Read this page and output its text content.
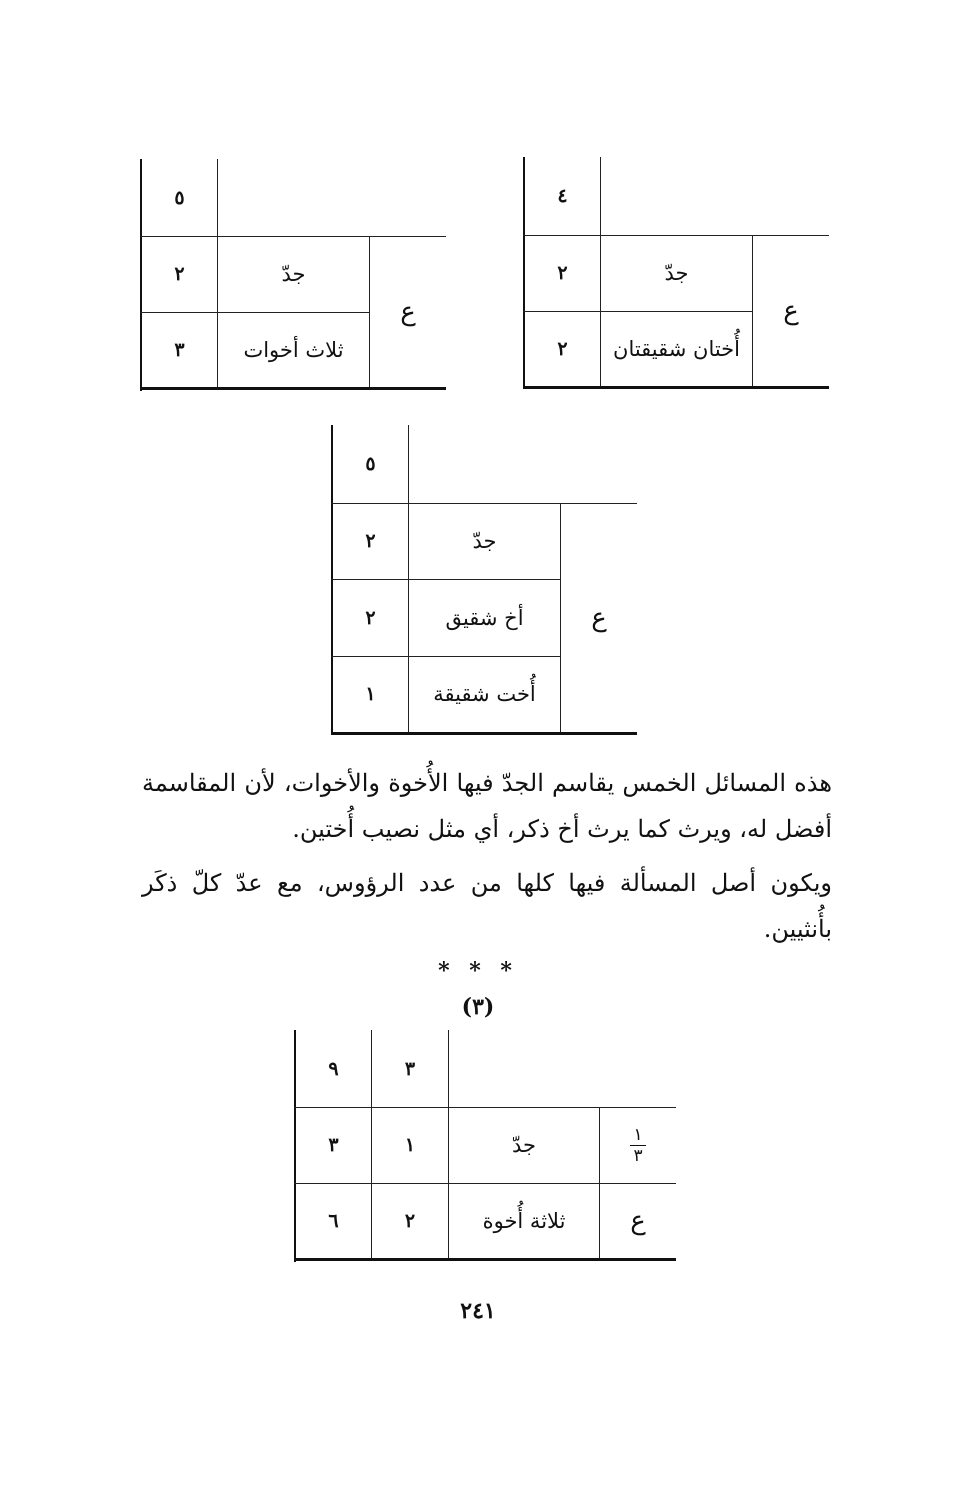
٤
٢	جدّ
٢	أُختان شقيقتان
ع
٥
٢	جدّ
٣	ثلاث أخوات
ع
٥
٢	جدّ
٢	أخ شقيق
١	أُخت شقيقة
ع

هذه المسائل الخمس يقاسم الجدّ فيها الأُخوة والأخوات، لأن المقاسمة أفضل له، ويرث كما يرث أخ ذكر، أي مثل نصيب أُختين.

ويكون أصل المسألة فيها كلها من عدد الرؤوس، مع عدّ كلّ ذكَر بأُنثيين.

* * *
(٣)
٩	٣
٣	١	جدّ	$\frac{١}{٣}$
٦	٢	ثلاثة أُخوة	ع
٢٤١
